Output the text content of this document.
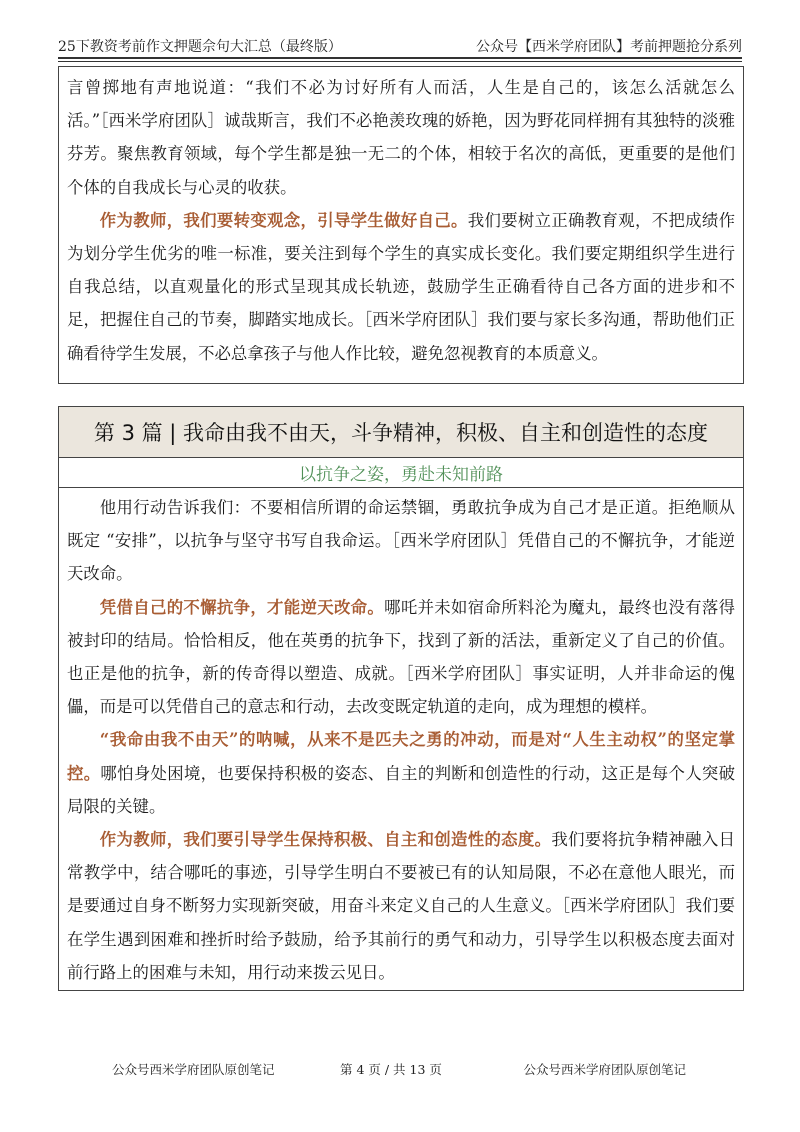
25下教资考前作文押题佘句大汇总（最终版）	公众号【西米学府团队】考前押题抢分系列

言曾掷地有声地说道：“我们不必为讨好所有人而活，人生是自己的，该怎么活就怎么活。”［西米学府团队］诚哉斯言，我们不必艳羡玫瑰的娇艳，因为野花同样拥有其独特的淡雅芬芳。聚焦教育领域，每个学生都是独一无二的个体，相较于名次的高低，更重要的是他们个体的自我成长与心灵的收获。

作为教师，我们要转变观念，引导学生做好自己。我们要树立正确教育观，不把成绩作为划分学生优劣的唯一标准，要关注到每个学生的真实成长变化。我们要定期组织学生进行自我总结，以直观量化的形式呈现其成长轨迹，鼓励学生正确看待自己各方面的进步和不足，把握住自己的节奏，脚踏实地成长。［西米学府团队］我们要与家长多沟通，帮助他们正确看待学生发展，不必总拿孩子与他人作比较，避免忽视教育的本质意义。

第 3 篇 | 我命由我不由天，斗争精神，积极、自主和创造性的态度
以抗争之姿，勇赴未知前路

他用行动告诉我们：不要相信所谓的命运禁锢，勇敢抗争成为自己才是正道。拒绝顺从既定 “安排”，以抗争与坚守书写自我命运。［西米学府团队］凭借自己的不懈抗争，才能逆天改命。

凭借自己的不懈抗争，才能逆天改命。哪吒并未如宿命所料沦为魔丸，最终也没有落得被封印的结局。恰恰相反，他在英勇的抗争下，找到了新的活法，重新定义了自己的价值。也正是他的抗争，新的传奇得以塑造、成就。［西米学府团队］事实证明，人并非命运的傀儡，而是可以凭借自己的意志和行动，去改变既定轨道的走向，成为理想的模样。

“我命由我不由天”的呐喊，从来不是匹夫之勇的冲动，而是对“人生主动权”的坚定掌控。哪怕身处困境，也要保持积极的姿态、自主的判断和创造性的行动，这正是每个人突破局限的关键。

作为教师，我们要引导学生保持积极、自主和创造性的态度。我们要将抗争精神融入日常教学中，结合哪吒的事迹，引导学生明白不要被已有的认知局限，不必在意他人眼光，而是要通过自身不断努力实现新突破，用奋斗来定义自己的人生意义。［西米学府团队］我们要在学生遇到困难和挫折时给予鼓励，给予其前行的勇气和动力，引导学生以积极态度去面对前行路上的困难与未知，用行动来拨云见日。

公众号西米学府团队原创笔记	第 4 页 / 共 13 页	公众号西米学府团队原创笔记
